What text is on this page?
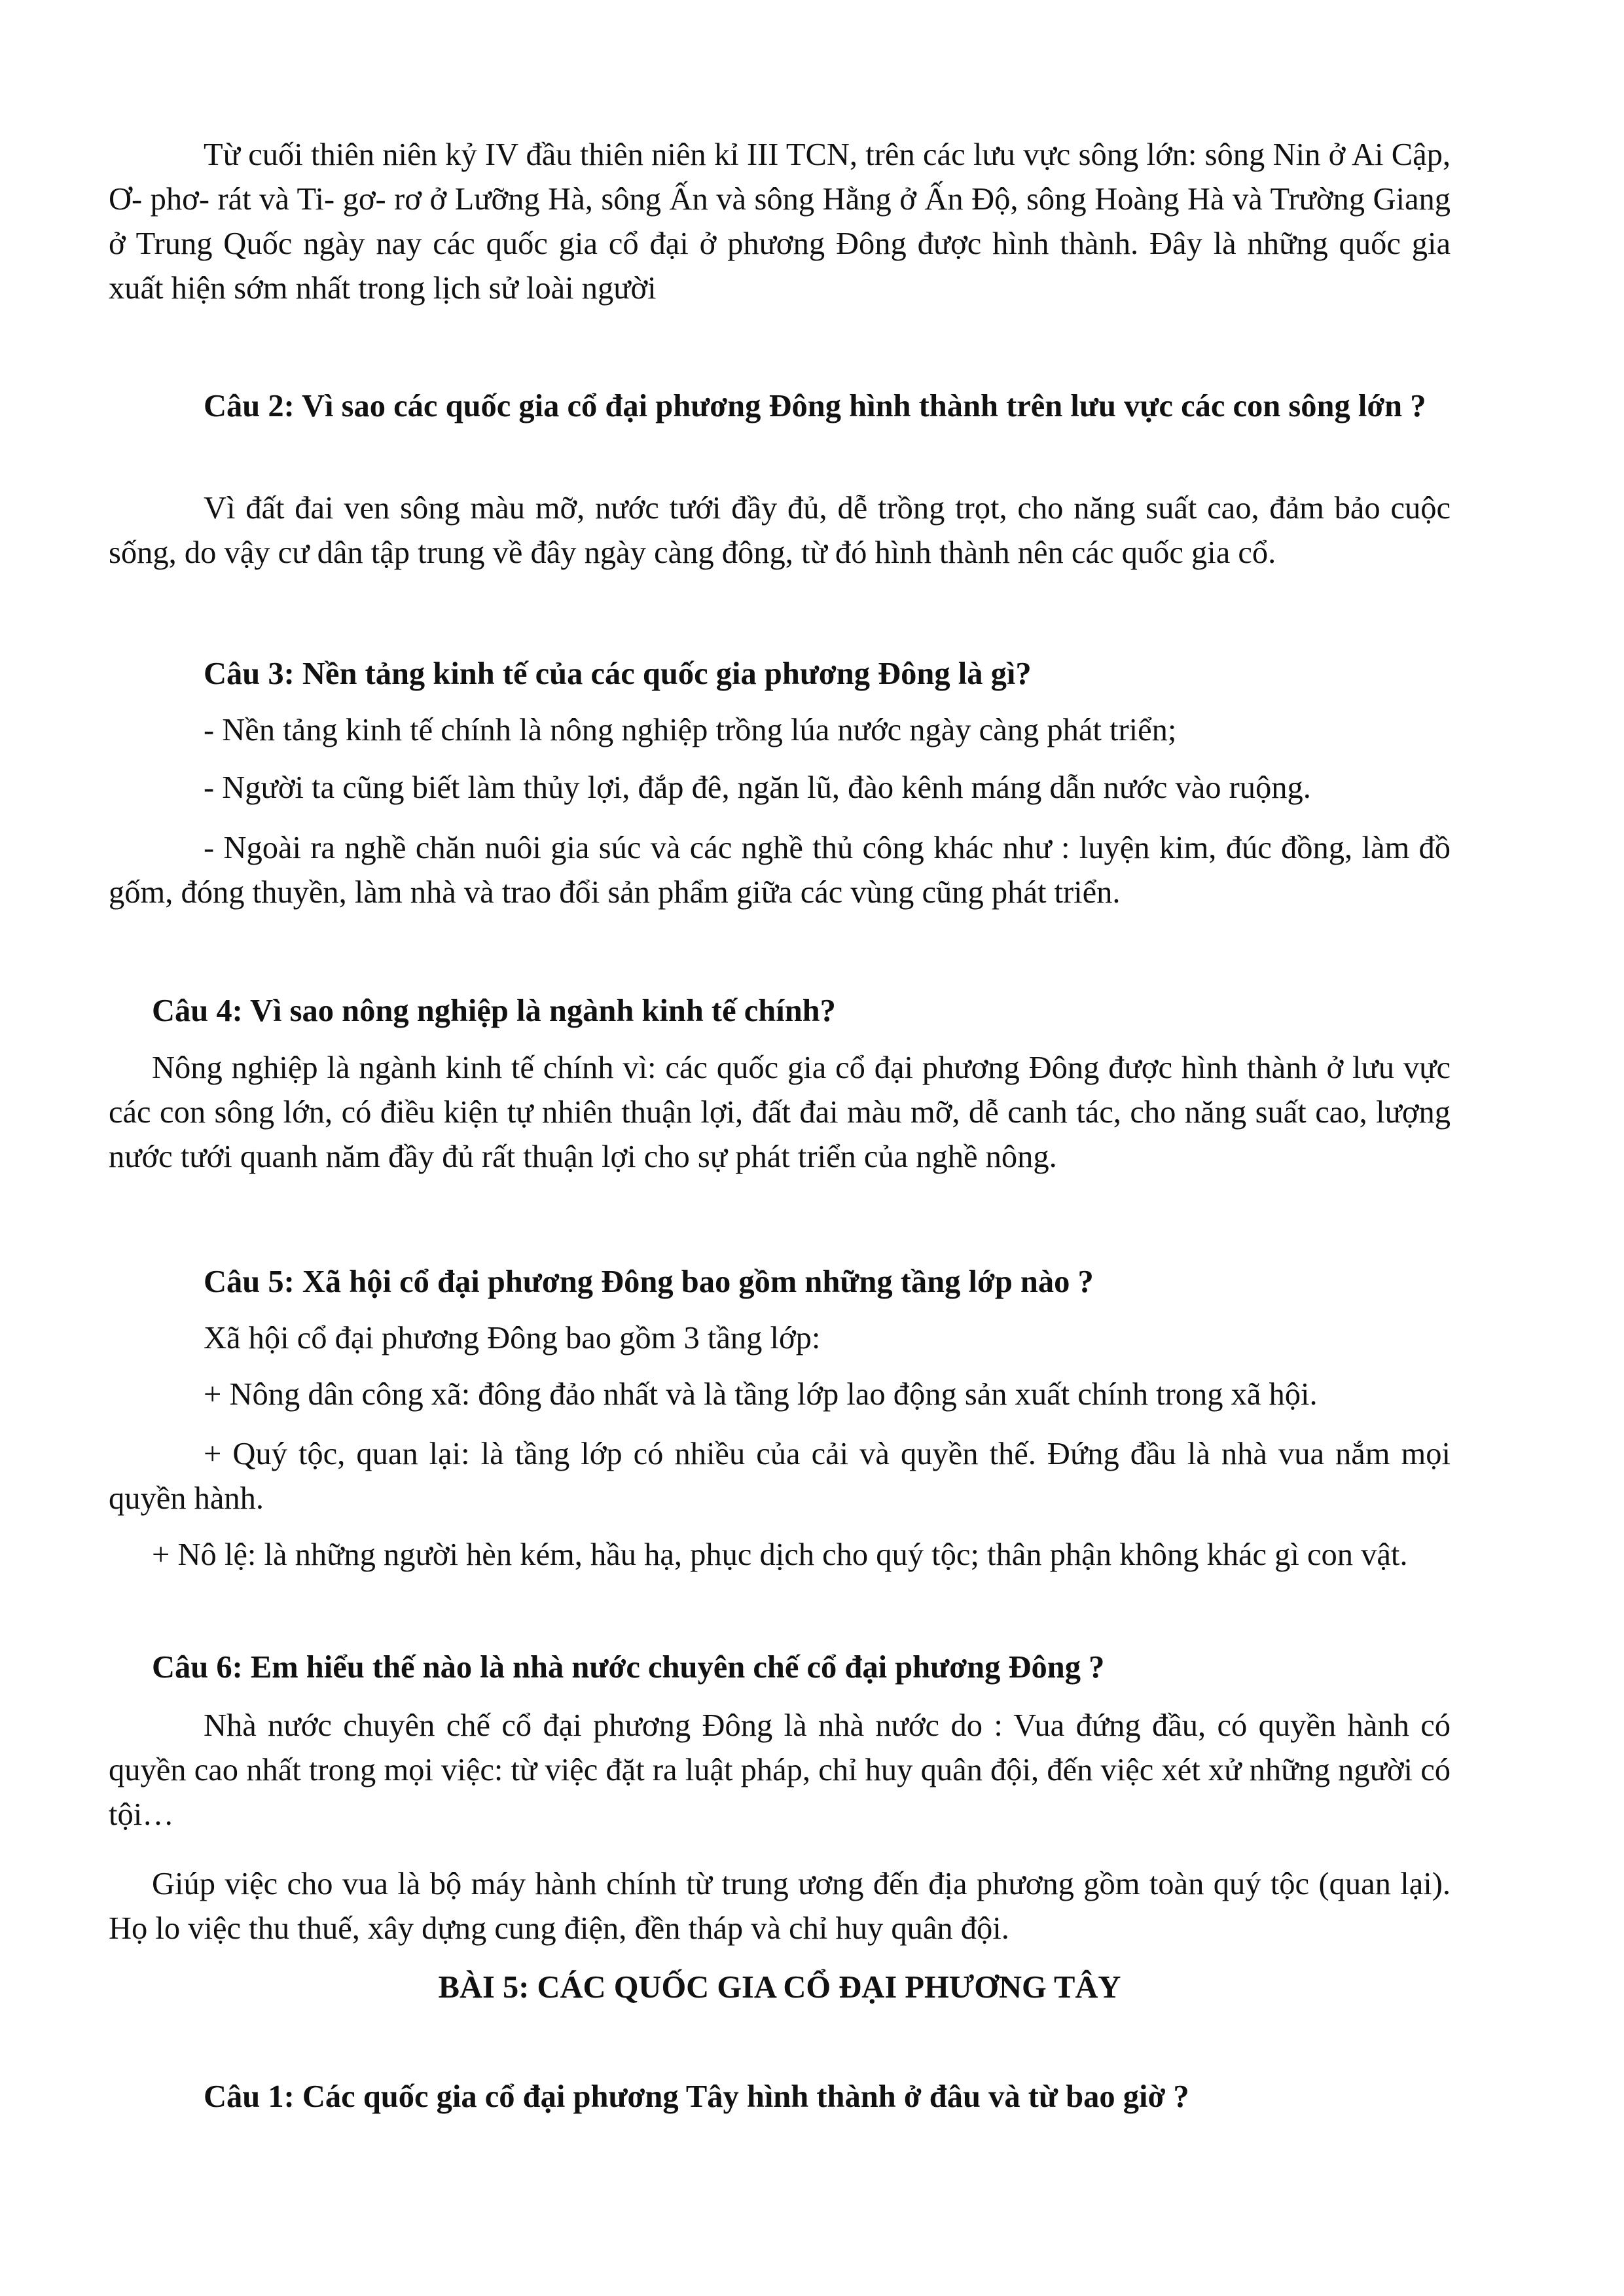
Từ cuối thiên niên kỷ IV đầu thiên niên kỉ III TCN, trên các lưu vực sông lớn: sông Nin ở Ai Cập, Ơ- phơ- rát và Ti- gơ- rơ ở Lưỡng Hà, sông Ấn và sông Hằng ở Ấn Độ, sông Hoàng Hà và Trường Giang ở Trung Quốc ngày nay các quốc gia cổ đại ở phương Đông được hình thành. Đây là những quốc gia xuất hiện sớm nhất trong lịch sử loài người

Câu 2: Vì sao các quốc gia cổ đại phương Đông hình thành trên lưu vực các con sông lớn ?

Vì đất đai ven sông màu mỡ, nước tưới đầy đủ, dễ trồng trọt, cho năng suất cao, đảm bảo cuộc sống, do vậy cư dân tập trung về đây ngày càng đông, từ đó hình thành nên các quốc gia cổ.

Câu 3: Nền tảng kinh tế của các quốc gia phương Đông là gì?

- Nền tảng kinh tế chính là nông nghiệp trồng lúa nước ngày càng phát triển;

- Người ta cũng biết làm thủy lợi, đắp đê, ngăn lũ, đào kênh máng dẫn nước vào ruộng.

- Ngoài ra nghề chăn nuôi gia súc và các nghề thủ công khác như : luyện kim, đúc đồng, làm đồ gốm, đóng thuyền, làm nhà và trao đổi sản phẩm giữa các vùng cũng phát triển.

Câu 4: Vì sao nông nghiệp là ngành kinh tế chính?

Nông nghiệp là ngành kinh tế chính vì: các quốc gia cổ đại phương Đông được hình thành ở lưu vực các con sông lớn, có điều kiện tự nhiên thuận lợi, đất đai màu mỡ, dễ canh tác, cho năng suất cao, lượng nước tưới quanh năm đầy đủ rất thuận lợi cho sự phát triển của nghề nông.

Câu 5: Xã hội cổ đại phương Đông bao gồm những tầng lớp nào ?

Xã hội cổ đại phương Đông bao gồm 3 tầng lớp:

+ Nông dân công xã: đông đảo nhất và là tầng lớp lao động sản xuất chính trong xã hội.

+ Quý tộc, quan lại: là tầng lớp có nhiều của cải và quyền thế. Đứng đầu là nhà vua nắm mọi quyền hành.

+ Nô lệ: là những người hèn kém, hầu hạ, phục dịch cho quý tộc; thân phận không khác gì con vật.

Câu 6: Em hiểu thế nào là nhà nước chuyên chế cổ đại phương Đông ?

Nhà nước chuyên chế cổ đại phương Đông là nhà nước do : Vua đứng đầu, có quyền hành có quyền cao nhất trong mọi việc: từ việc đặt ra luật pháp, chỉ huy quân đội, đến việc xét xử những người có tội…

Giúp việc cho vua là bộ máy hành chính từ trung ương đến địa phương gồm toàn quý tộc (quan lại). Họ lo việc thu thuế, xây dựng cung điện, đền tháp và chỉ huy quân đội.

BÀI 5: CÁC QUỐC GIA CỔ ĐẠI PHƯƠNG TÂY

Câu 1: Các quốc gia cổ đại phương Tây hình thành ở đâu và từ bao giờ ?
